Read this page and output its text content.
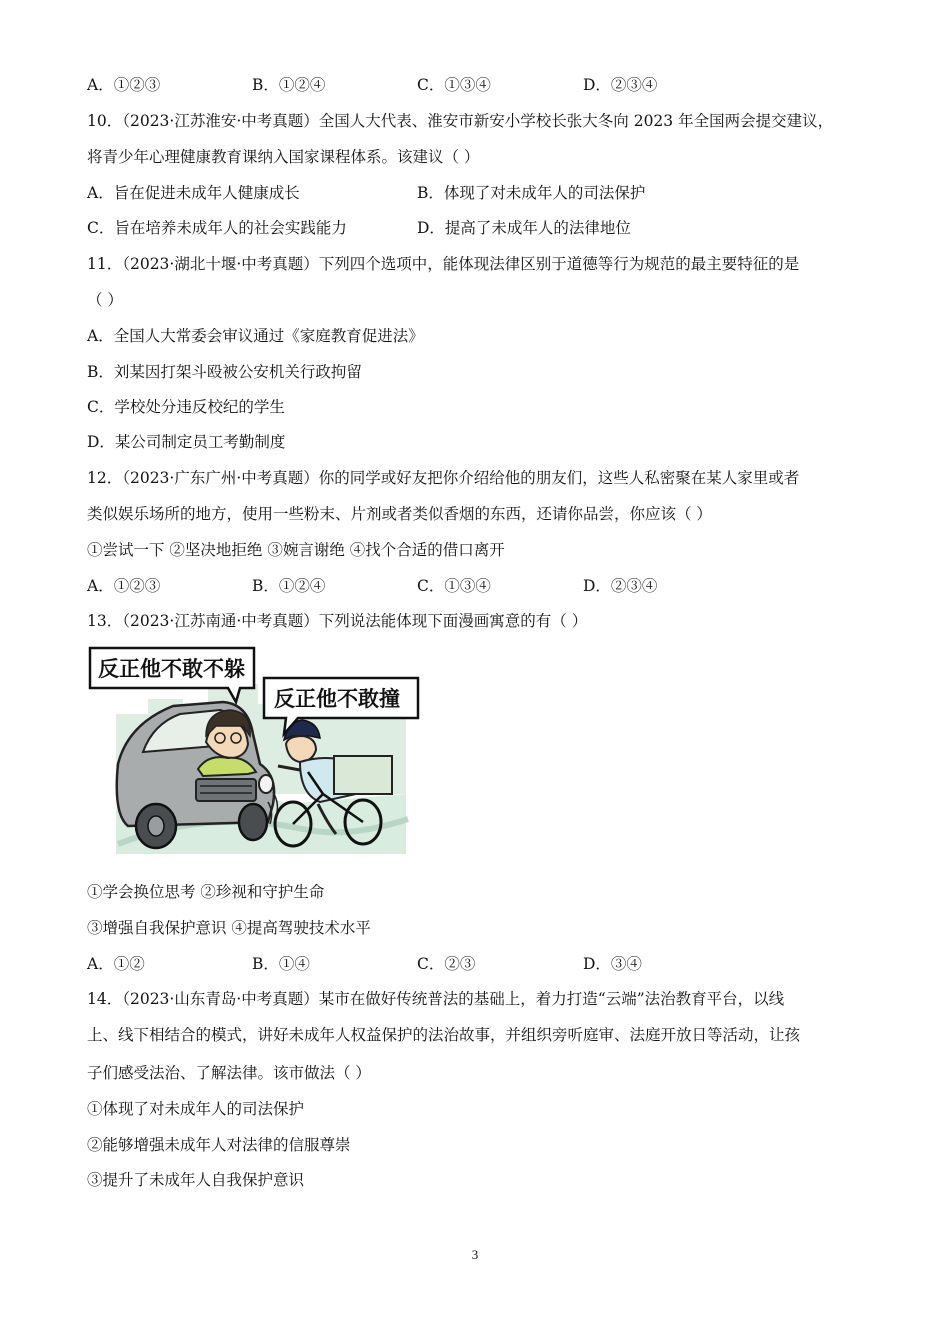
A．①②③	B．①②④	C．①③④	D．②③④
10．（2023·江苏淮安·中考真题）全国人大代表、淮安市新安小学校长张大冬向 2023 年全国两会提交建议，
将青少年心理健康教育课纳入国家课程体系。该建议（ ）
A．旨在促进未成年人健康成长	B．体现了对未成年人的司法保护
C．旨在培养未成年人的社会实践能力	D．提高了未成年人的法律地位
11．（2023·湖北十堰·中考真题）下列四个选项中，能体现法律区别于道德等行为规范的最主要特征的是
（ ）
A．全国人大常委会审议通过《家庭教育促进法》
B．刘某因打架斗殴被公安机关行政拘留
C．学校处分违反校纪的学生
D．某公司制定员工考勤制度
12．（2023·广东广州·中考真题）你的同学或好友把你介绍给他的朋友们，这些人私密聚在某人家里或者
类似娱乐场所的地方，使用一些粉末、片剂或者类似香烟的东西，还请你品尝，你应该（ ）
①尝试一下 ②坚决地拒绝 ③婉言谢绝 ④找个合适的借口离开
A．①②③	B．①②④	C．①③④	D．②③④
13．（2023·江苏南通·中考真题）下列说法能体现下面漫画寓意的有（ ）
反正他不敢不躲
反正他不敢撞
①学会换位思考 ②珍视和守护生命
③增强自我保护意识 ④提高驾驶技术水平
A．①②	B．①④	C．②③	D．③④
14．（2023·山东青岛·中考真题）某市在做好传统普法的基础上，着力打造“云端”法治教育平台，以线
上、线下相结合的模式，讲好未成年人权益保护的法治故事，并组织旁听庭审、法庭开放日等活动，让孩
子们感受法治、了解法律。该市做法（ ）
①体现了对未成年人的司法保护
②能够增强未成年人对法律的信服尊崇
③提升了未成年人自我保护意识
3
